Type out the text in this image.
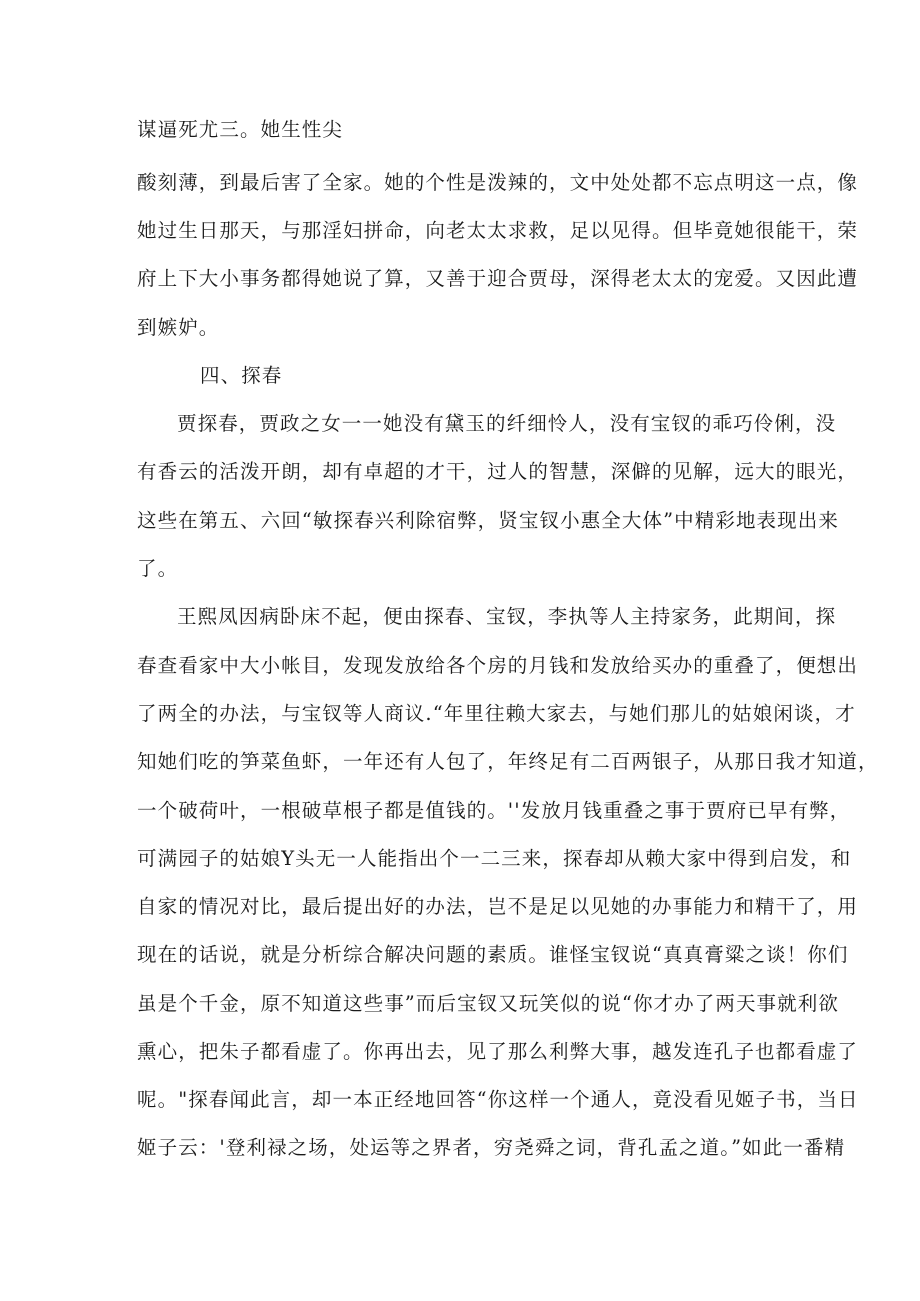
谋逼死尤三。她生性尖
酸刻薄，到最后害了全家。她的个性是泼辣的，文中处处都不忘点明这一点，像
她过生日那天，与那淫妇拼命，向老太太求救，足以见得。但毕竟她很能干，荣
府上下大小事务都得她说了算，又善于迎合贾母，深得老太太的宠爱。又因此遭
到嫉妒。
四、探春
贾探春，贾政之女一一她没有黛玉的纤细怜人，没有宝钗的乖巧伶俐，没
有香云的活泼开朗，却有卓超的才干，过人的智慧，深僻的见解，远大的眼光，
这些在第五、六回“敏探春兴利除宿弊，贤宝钗小惠全大体”中精彩地表现出来
了。
王熙凤因病卧床不起，便由探春、宝钗，李执等人主持家务，此期间，探
春查看家中大小帐目，发现发放给各个房的月钱和发放给买办的重叠了，便想出
了两全的办法，与宝钗等人商议.“年里往赖大家去，与她们那儿的姑娘闲谈，才
知她们吃的笋菜鱼虾，一年还有人包了，年终足有二百两银子，从那日我才知道，
一个破荷叶，一根破草根子都是值钱的。''发放月钱重叠之事于贾府已早有弊，
可满园子的姑娘Y头无一人能指出个一二三来，探春却从赖大家中得到启发，和
自家的情况对比，最后提出好的办法，岂不是足以见她的办事能力和精干了，用
现在的话说，就是分析综合解决问题的素质。谁怪宝钗说“真真膏粱之谈！你们
虽是个千金，原不知道这些事”而后宝钗又玩笑似的说“你才办了两天事就利欲
熏心，把朱子都看虚了。你再出去，见了那么利弊大事，越发连孔子也都看虚了
呢。"探春闻此言，却一本正经地回答“你这样一个通人，竟没看见姬子书，当日
姬子云：'登利禄之场，处运等之界者，穷尧舜之词，背孔孟之道。”如此一番精
